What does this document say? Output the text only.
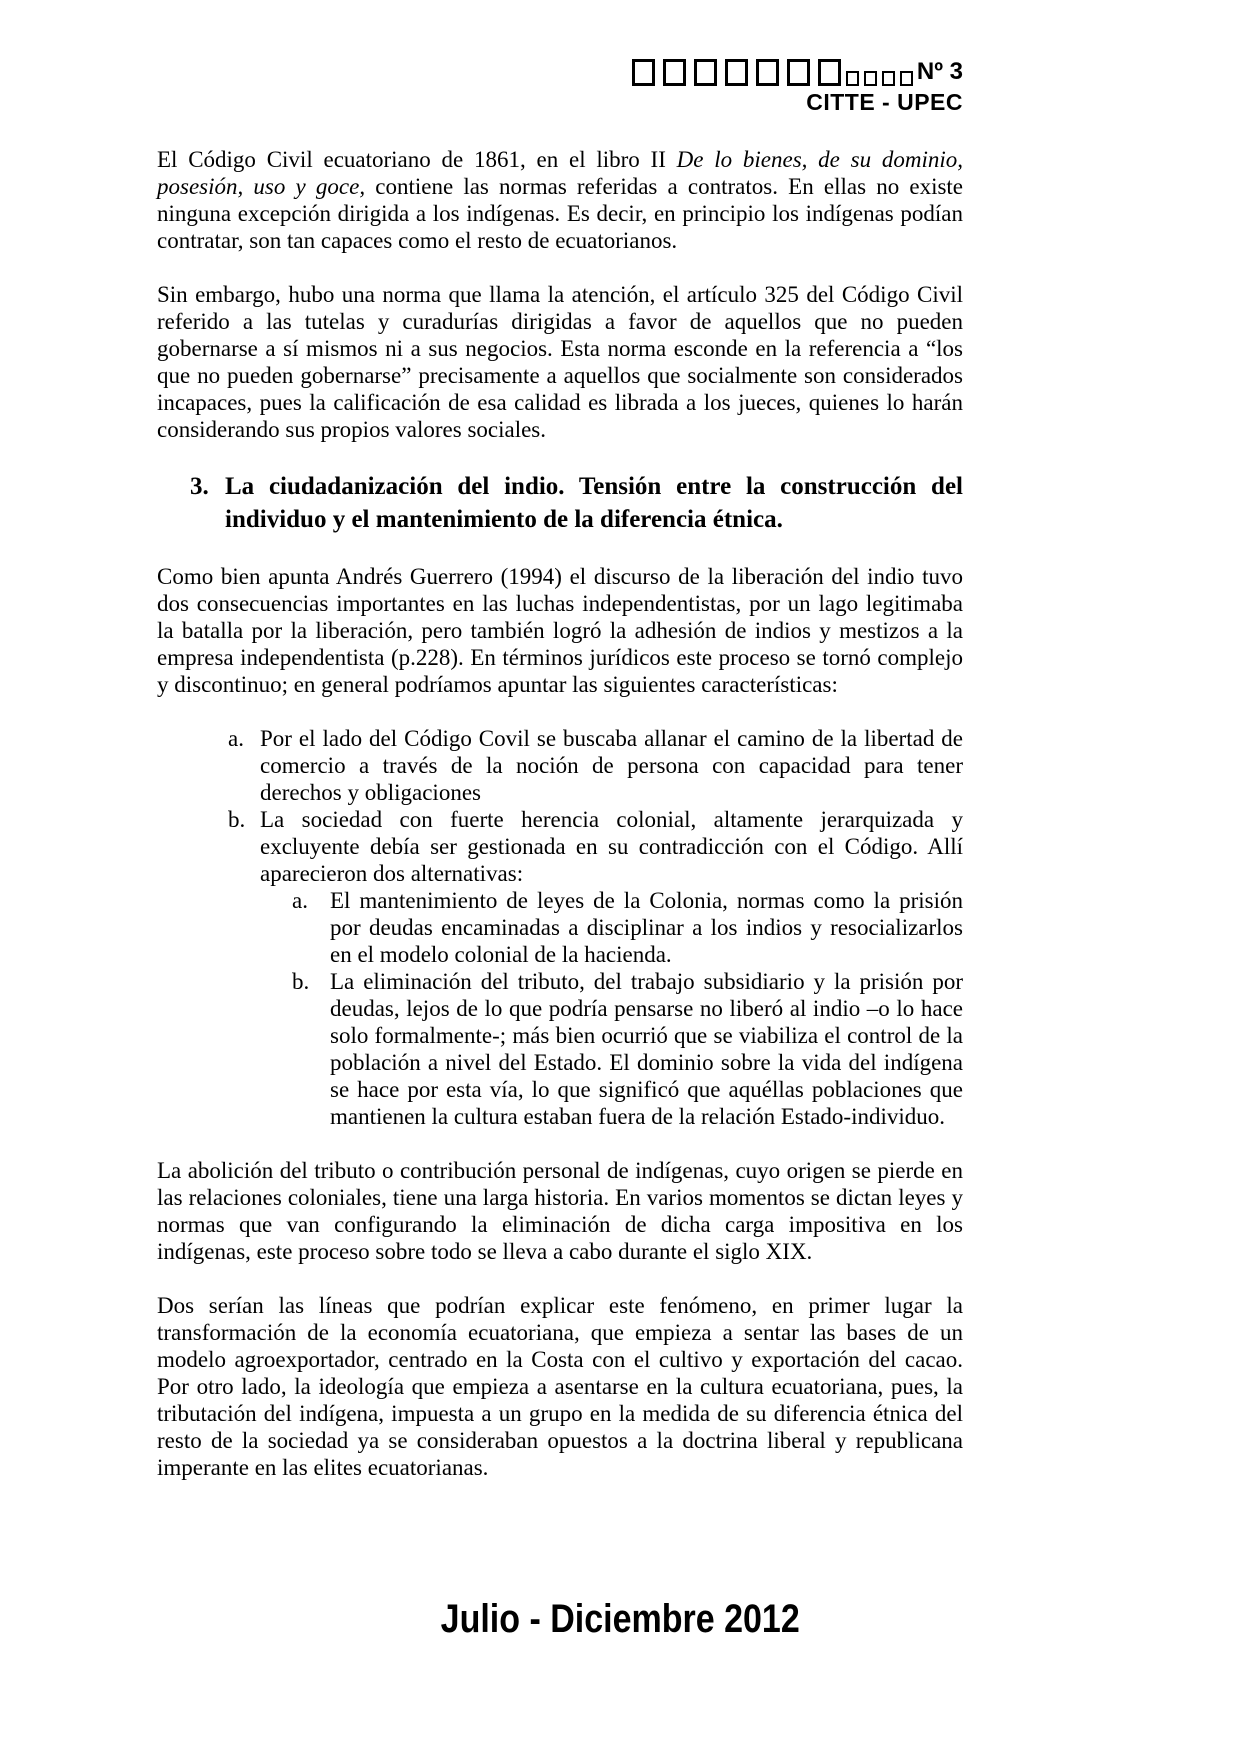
Nº 3
CITTE - UPEC

El Código Civil ecuatoriano de 1861, en el libro II De lo bienes, de su dominio, posesión, uso y goce, contiene las normas referidas a contratos. En ellas no existe ninguna excepción dirigida a los indígenas. Es decir, en principio los indígenas podían contratar, son tan capaces como el resto de ecuatorianos.

Sin embargo, hubo una norma que llama la atención, el artículo 325 del Código Civil referido a las tutelas y curadurías dirigidas a favor de aquellos que no pueden gobernarse a sí mismos ni a sus negocios. Esta norma esconde en la referencia a “los que no pueden gobernarse” precisamente a aquellos que socialmente son considerados incapaces, pues la calificación de esa calidad es librada a los jueces, quienes lo harán considerando sus propios valores sociales.

3. La ciudadanización del indio. Tensión entre la construcción del individuo y el mantenimiento de la diferencia étnica.

Como bien apunta Andrés Guerrero (1994) el discurso de la liberación del indio tuvo dos consecuencias importantes en las luchas independentistas, por un lago legitimaba la batalla por la liberación, pero también logró la adhesión de indios y mestizos a la empresa independentista (p.228). En términos jurídicos este proceso se tornó complejo y discontinuo; en general podríamos apuntar las siguientes características:

a. Por el lado del Código Covil se buscaba allanar el camino de la libertad de comercio a través de la noción de persona con capacidad para tener derechos y obligaciones
b. La sociedad con fuerte herencia colonial, altamente jerarquizada y excluyente debía ser gestionada en su contradicción con el Código. Allí aparecieron dos alternativas:
a. El mantenimiento de leyes de la Colonia, normas como la prisión por deudas encaminadas a disciplinar a los indios y resocializarlos en el modelo colonial de la hacienda.
b. La eliminación del tributo, del trabajo subsidiario y la prisión por deudas, lejos de lo que podría pensarse no liberó al indio –o lo hace solo formalmente-; más bien ocurrió que se viabiliza el control de la población a nivel del Estado. El dominio sobre la vida del indígena se hace por esta vía, lo que significó que aquéllas poblaciones que mantienen la cultura estaban fuera de la relación Estado-individuo.

La abolición del tributo o contribución personal de indígenas, cuyo origen se pierde en las relaciones coloniales, tiene una larga historia. En varios momentos se dictan leyes y normas que van configurando la eliminación de dicha carga impositiva en los indígenas, este proceso sobre todo se lleva a cabo durante el siglo XIX.

Dos serían las líneas que podrían explicar este fenómeno, en primer lugar la transformación de la economía ecuatoriana, que empieza a sentar las bases de un modelo agroexportador, centrado en la Costa con el cultivo y exportación del cacao. Por otro lado, la ideología que empieza a asentarse en la cultura ecuatoriana, pues, la tributación del indígena, impuesta a un grupo en la medida de su diferencia étnica del resto de la sociedad ya se consideraban opuestos a la doctrina liberal y republicana imperante en las elites ecuatorianas.

Julio - Diciembre 2012
